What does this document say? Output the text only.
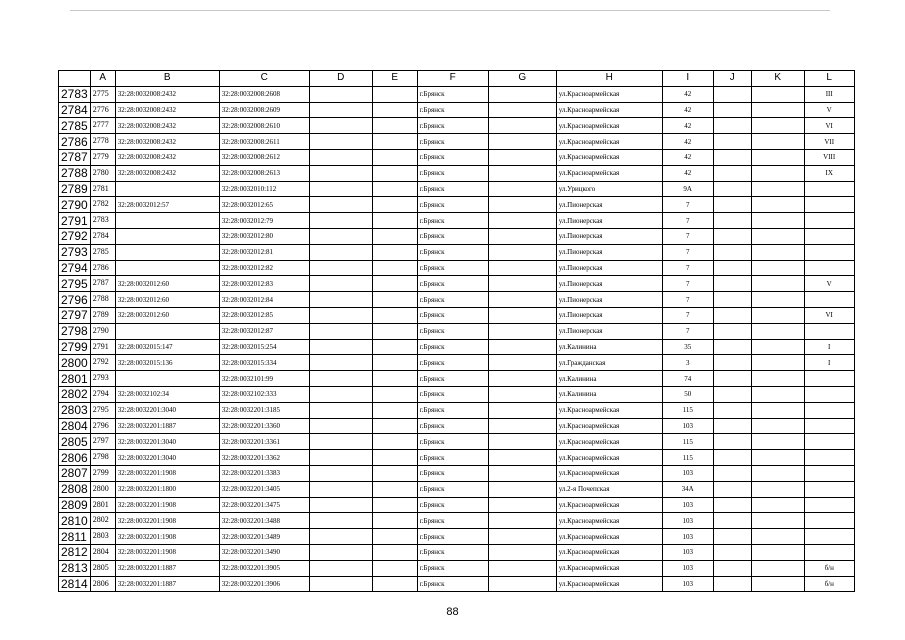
	A	B	C	D	E	F	G	H	I	J	K	L
2783	2775	32:28:0032008:2432	32:28:0032008:2608			г.Брянск		ул.Красноармейская	42			III
2784	2776	32:28:0032008:2432	32:28:0032008:2609			г.Брянск		ул.Красноармейская	42			V
2785	2777	32:28:0032008:2432	32:28:0032008:2610			г.Брянск		ул.Красноармейская	42			VI
2786	2778	32:28:0032008:2432	32:28:0032008:2611			г.Брянск		ул.Красноармейская	42			VII
2787	2779	32:28:0032008:2432	32:28:0032008:2612			г.Брянск		ул.Красноармейская	42			VIII
2788	2780	32:28:0032008:2432	32:28:0032008:2613			г.Брянск		ул.Красноармейская	42			IX
2789	2781		32:28:0032010:112			г.Брянск		ул.Урицкого	9А			
2790	2782	32:28:0032012:57	32:28:0032012:65			г.Брянск		ул.Пионерская	7			
2791	2783		32:28:0032012:79			г.Брянск		ул.Пионерская	7			
2792	2784		32:28:0032012:80			г.Брянск		ул.Пионерская	7			
2793	2785		32:28:0032012:81			г.Брянск		ул.Пионерская	7			
2794	2786		32:28:0032012:82			г.Брянск		ул.Пионерская	7			
2795	2787	32:28:0032012:60	32:28:0032012:83			г.Брянск		ул.Пионерская	7			V
2796	2788	32:28:0032012:60	32:28:0032012:84			г.Брянск		ул.Пионерская	7			
2797	2789	32:28:0032012:60	32:28:0032012:85			г.Брянск		ул.Пионерская	7			VI
2798	2790		32:28:0032012:87			г.Брянск		ул.Пионерская	7			
2799	2791	32:28:0032015:147	32:28:0032015:254			г.Брянск		ул.Калинина	35			I
2800	2792	32:28:0032015:136	32:28:0032015:334			г.Брянск		ул.Гражданская	3			I
2801	2793		32:28:0032101:99			г.Брянск		ул.Калинина	74			
2802	2794	32:28:0032102:34	32:28:0032102:333			г.Брянск		ул.Калинина	50			
2803	2795	32:28:0032201:3040	32:28:0032201:3185			г.Брянск		ул.Красноармейская	115			
2804	2796	32:28:0032201:1887	32:28:0032201:3360			г.Брянск		ул.Красноармейская	103			
2805	2797	32:28:0032201:3040	32:28:0032201:3361			г.Брянск		ул.Красноармейская	115			
2806	2798	32:28:0032201:3040	32:28:0032201:3362			г.Брянск		ул.Красноармейская	115			
2807	2799	32:28:0032201:1908	32:28:0032201:3383			г.Брянск		ул.Красноармейская	103			
2808	2800	32:28:0032201:1800	32:28:0032201:3405			г.Брянск		ул.2-я Почепская	34А			
2809	2801	32:28:0032201:1908	32:28:0032201:3475			г.Брянск		ул.Красноармейская	103			
2810	2802	32:28:0032201:1908	32:28:0032201:3488			г.Брянск		ул.Красноармейская	103			
2811	2803	32:28:0032201:1908	32:28:0032201:3489			г.Брянск		ул.Красноармейская	103			
2812	2804	32:28:0032201:1908	32:28:0032201:3490			г.Брянск		ул.Красноармейская	103			
2813	2805	32:28:0032201:1887	32:28:0032201:3905			г.Брянск		ул.Красноармейская	103			б/н
2814	2806	32:28:0032201:1887	32:28:0032201:3906			г.Брянск		ул.Красноармейская	103			б/н
88
